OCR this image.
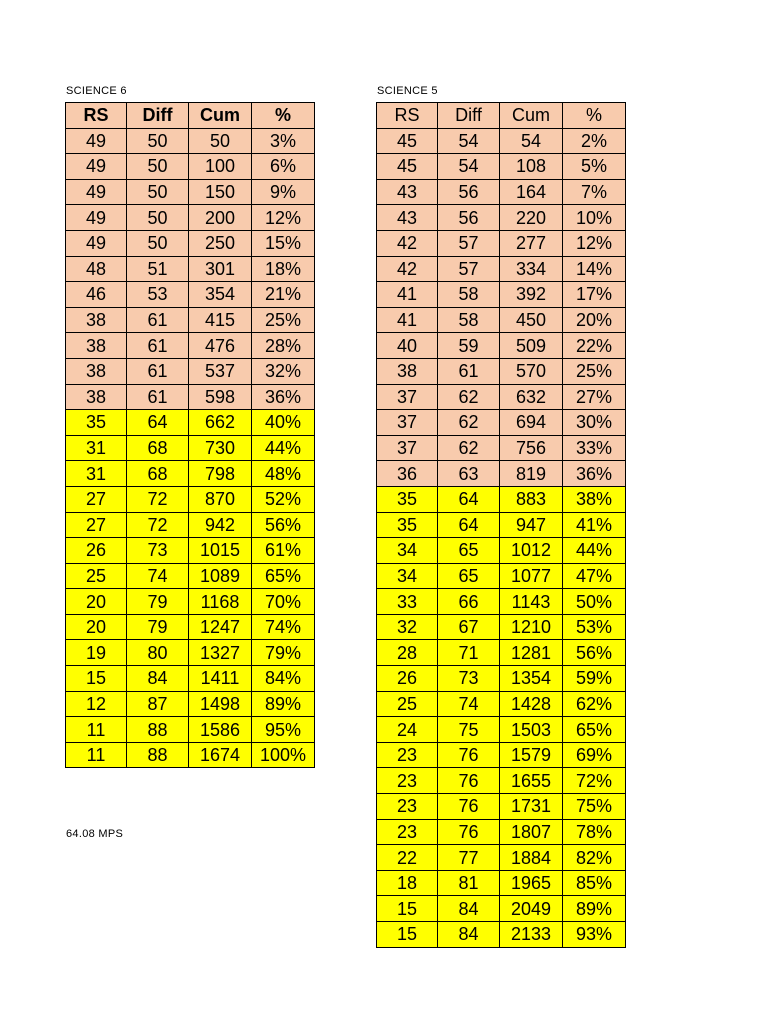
SCIENCE 6	SCIENCE 5
RS	Diff	Cum	%
49	50	50	3%
49	50	100	6%
49	50	150	9%
49	50	200	12%
49	50	250	15%
48	51	301	18%
46	53	354	21%
38	61	415	25%
38	61	476	28%
38	61	537	32%
38	61	598	36%
35	64	662	40%
31	68	730	44%
31	68	798	48%
27	72	870	52%
27	72	942	56%
26	73	1015	61%
25	74	1089	65%
20	79	1168	70%
20	79	1247	74%
19	80	1327	79%
15	84	1411	84%
12	87	1498	89%
11	88	1586	95%
11	88	1674	100%
RS	Diff	Cum	%
45	54	54	2%
45	54	108	5%
43	56	164	7%
43	56	220	10%
42	57	277	12%
42	57	334	14%
41	58	392	17%
41	58	450	20%
40	59	509	22%
38	61	570	25%
37	62	632	27%
37	62	694	30%
37	62	756	33%
36	63	819	36%
35	64	883	38%
35	64	947	41%
34	65	1012	44%
34	65	1077	47%
33	66	1143	50%
32	67	1210	53%
28	71	1281	56%
26	73	1354	59%
25	74	1428	62%
24	75	1503	65%
23	76	1579	69%
23	76	1655	72%
23	76	1731	75%
23	76	1807	78%
22	77	1884	82%
18	81	1965	85%
15	84	2049	89%
15	84	2133	93%
64.08 MPS
